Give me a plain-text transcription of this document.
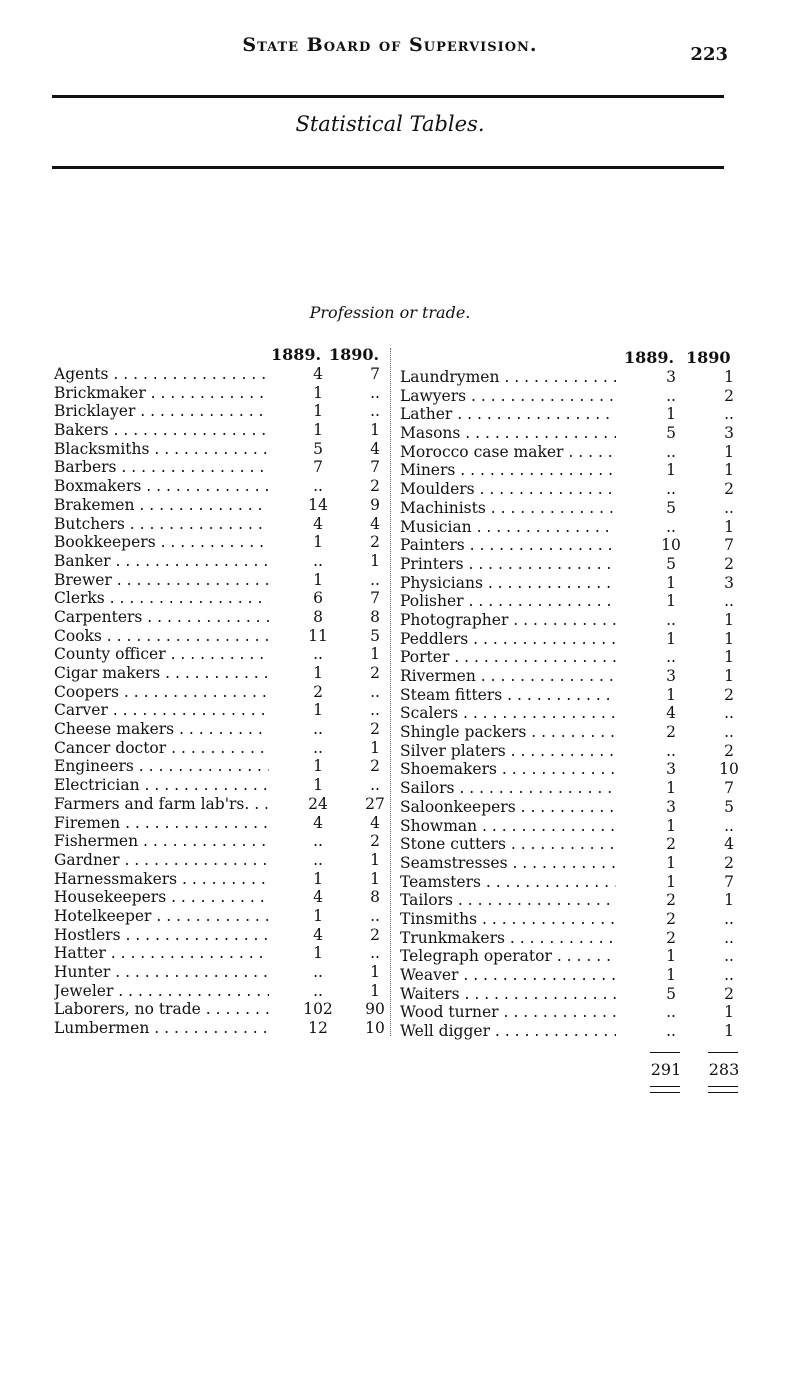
State Board of Supervision.	223
Statistical Tables.
Profession or trade.
1889. 1890.
Agents . . .	4	7
Brickmaker . . .	1	..
Bricklayer . . .	1	..
Bakers . . .	1	1
Blacksmiths . . .	5	4
Barbers . . .	7	7
Boxmakers . . .	..	2
Brakemen . . .	14	9
Butchers . . .	4	4
Bookkeepers . . .	1	2
Banker . . .	..	1
Brewer . . .	1	..
Clerks . . .	6	7
Carpenters . . .	8	8
Cooks . . .	11	5
County officer . . .	..	1
Cigar makers . . .	1	2
Coopers . . .	2	..
Carver . . .	1	..
Cheese makers . . .	..	2
Cancer doctor . . .	..	1
Engineers . . .	1	2
Electrician . . .	1	..
Farmers and farm lab'rs. . . .	24	27
Firemen . . .	4	4
Fishermen . . .	..	2
Gardner . . .	..	1
Harnessmakers . . .	1	1
Housekeepers . . .	4	8
Hotelkeeper . . .	1	..
Hostlers . . .	4	2
Hatter . . .	1	..
Hunter . . .	..	1
Jeweler . . .	..	1
Laborers, no trade . . .	102	90
Lumbermen . . .	12	10
1889. 1890
Laundrymen . . .	3	1
Lawyers . . .	..	2
Lather . . .	1	..
Masons . . .	5	3
Morocco case maker . . .	..	1
Miners . . .	1	1
Moulders . . .	..	2
Machinists . . .	5	..
Musician . . .	..	1
Painters . . .	10	7
Printers . . .	5	2
Physicians . . .	1	3
Polisher . . .	1	..
Photographer . . .	..	1
Peddlers . . .	1	1
Porter . . .	..	1
Rivermen . . .	3	1
Steam fitters . . .	1	2
Scalers . . .	4	..
Shingle packers . . .	2	..
Silver platers . . .	..	2
Shoemakers . . .	3	10
Sailors . . .	1	7
Saloonkeepers . . .	3	5
Showman . . .	1	..
Stone cutters . . .	2	4
Seamstresses . . .	1	2
Teamsters . . .	1	7
Tailors . . .	2	1
Tinsmiths . . .	2	..
Trunkmakers . . .	2	..
Telegraph operator . . .	1	..
Weaver . . .	1	..
Waiters . . .	5	2
Wood turner . . .	..	1
Well digger . . .	..	1
291 283
